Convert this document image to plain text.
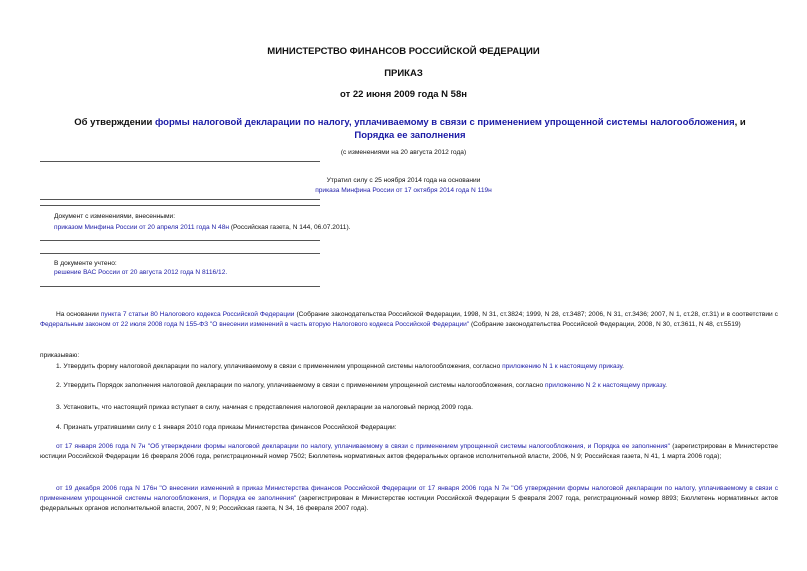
МИНИСТЕРСТВО ФИНАНСОВ РОССИЙСКОЙ ФЕДЕРАЦИИ
ПРИКАЗ
от 22 июня 2009 года N 58н
Об утверждении формы налоговой декларации по налогу, уплачиваемому в связи с применением упрощенной системы налогообложения, и Порядка ее заполнения
(с изменениями на 20 августа 2012 года)
Утратил силу с 25 ноября 2014 года на основании
приказа Минфина России от 17 октября 2014 года N 119н
Документ с изменениями, внесенными:
приказом Минфина России от 20 апреля 2011 года N 48н (Российская газета, N 144, 06.07.2011).
В документе учтено:
решение ВАС России от 20 августа 2012 года N 8116/12.
На основании пункта 7 статьи 80 Налогового кодекса Российской Федерации (Собрание законодательства Российской Федерации, 1998, N 31, ст.3824; 1999, N 28, ст.3487; 2006, N 31, ст.3436; 2007, N 1, ст.28, ст.31) и в соответствии с Федеральным законом от 22 июля 2008 года N 155-ФЗ "О внесении изменений в часть вторую Налогового кодекса Российской Федерации" (Собрание законодательства Российской Федерации, 2008, N 30, ст.3611, N 48, ст.5519)
приказываю:
1. Утвердить форму налоговой декларации по налогу, уплачиваемому в связи с применением упрощенной системы налогообложения, согласно приложению N 1 к настоящему приказу.
2. Утвердить Порядок заполнения налоговой декларации по налогу, уплачиваемому в связи с применением упрощенной системы налогообложения, согласно приложению N 2 к настоящему приказу.
3. Установить, что настоящий приказ вступает в силу, начиная с представления налоговой декларации за налоговый период 2009 года.
4. Признать утратившими силу с 1 января 2010 года приказы Министерства финансов Российской Федерации:
от 17 января 2006 года N 7н "Об утверждении формы налоговой декларации по налогу, уплачиваемому в связи с применением упрощенной системы налогообложения, и Порядка ее заполнения" (зарегистрирован в Министерстве юстиции Российской Федерации 16 февраля 2006 года, регистрационный номер 7502; Бюллетень нормативных актов федеральных органов исполнительной власти, 2006, N 9; Российская газета, N 41, 1 марта 2006 года);
от 19 декабря 2006 года N 176н "О внесении изменений в приказ Министерства финансов Российской Федерации от 17 января 2006 года N 7н "Об утверждении формы налоговой декларации по налогу, уплачиваемому в связи с применением упрощенной системы налогообложения, и Порядка ее заполнения" (зарегистрирован в Министерстве юстиции Российской Федерации 5 февраля 2007 года, регистрационный номер 8893; Бюллетень нормативных актов федеральных органов исполнительной власти, 2007, N 9; Российская газета, N 34, 16 февраля 2007 года).
